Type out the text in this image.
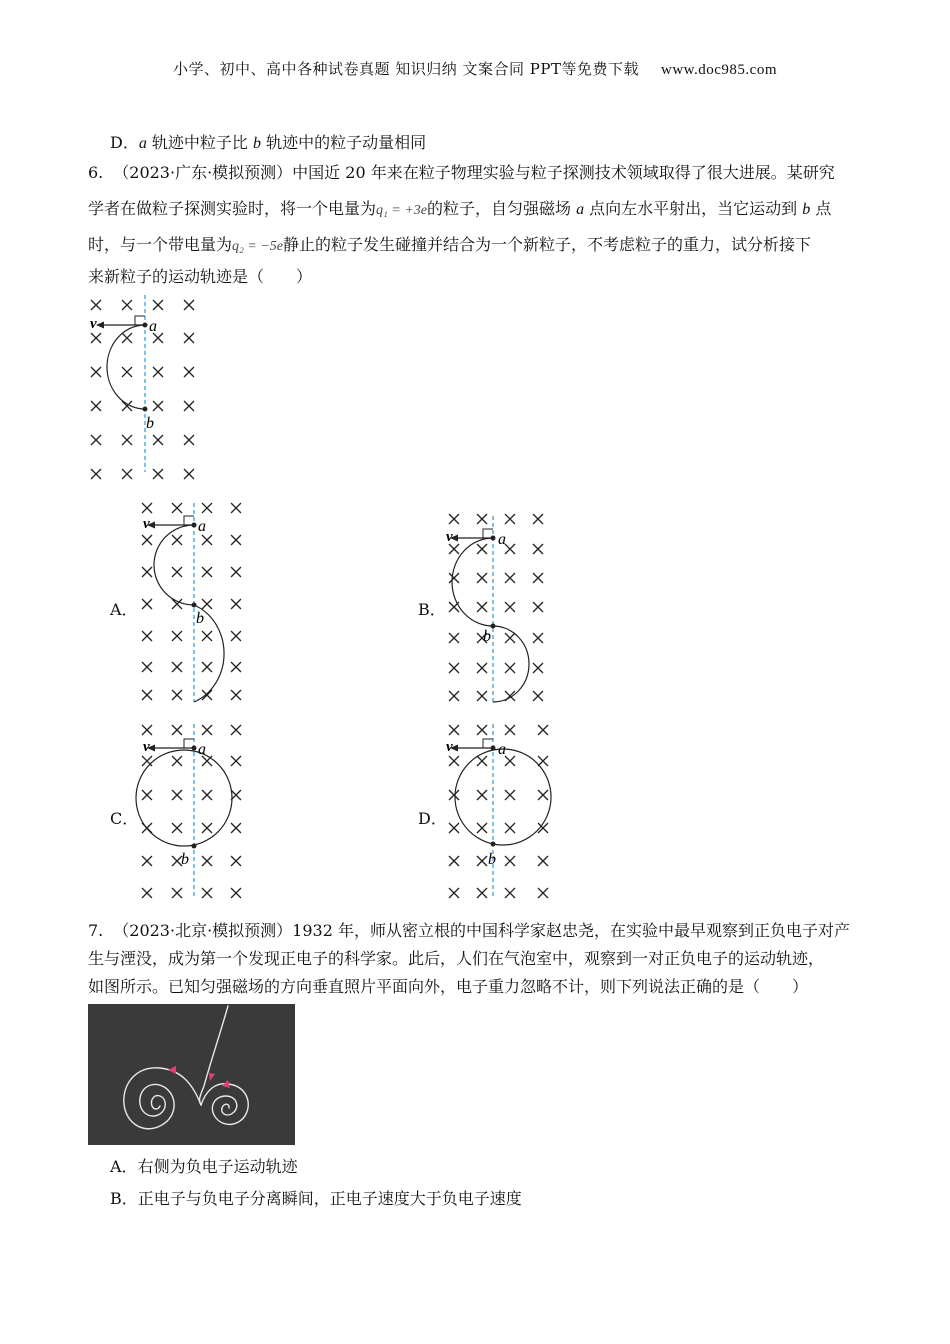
小学、初中、高中各种试卷真题 知识归纳 文案合同 PPT等免费下载 www.doc985.com
D．a 轨迹中粒子比 b 轨迹中的粒子动量相同
6. （2023·广东·模拟预测）中国近 20 年来在粒子物理实验与粒子探测技术领域取得了很大进展。某研究
学者在做粒子探测实验时，将一个电量为q₁ = +3e的粒子，自匀强磁场 a 点向左水平射出，当它运动到 b 点
时，与一个带电量为q₂ = −5e静止的粒子发生碰撞并结合为一个新粒子，不考虑粒子的重力，试分析接下
来新粒子的运动轨迹是（　　）
v	a
b
A．
v	a
b	B．
v	a
b
C．
v	a
b
D．
v	a
b
7. （2023·北京·模拟预测）1932 年，师从密立根的中国科学家赵忠尧，在实验中最早观察到正负电子对产
生与湮没，成为第一个发现正电子的科学家。此后，人们在气泡室中，观察到一对正负电子的运动轨迹，
如图所示。已知匀强磁场的方向垂直照片平面向外，电子重力忽略不计，则下列说法正确的是（　　）
A．右侧为负电子运动轨迹
B．正电子与负电子分离瞬间，正电子速度大于负电子速度
